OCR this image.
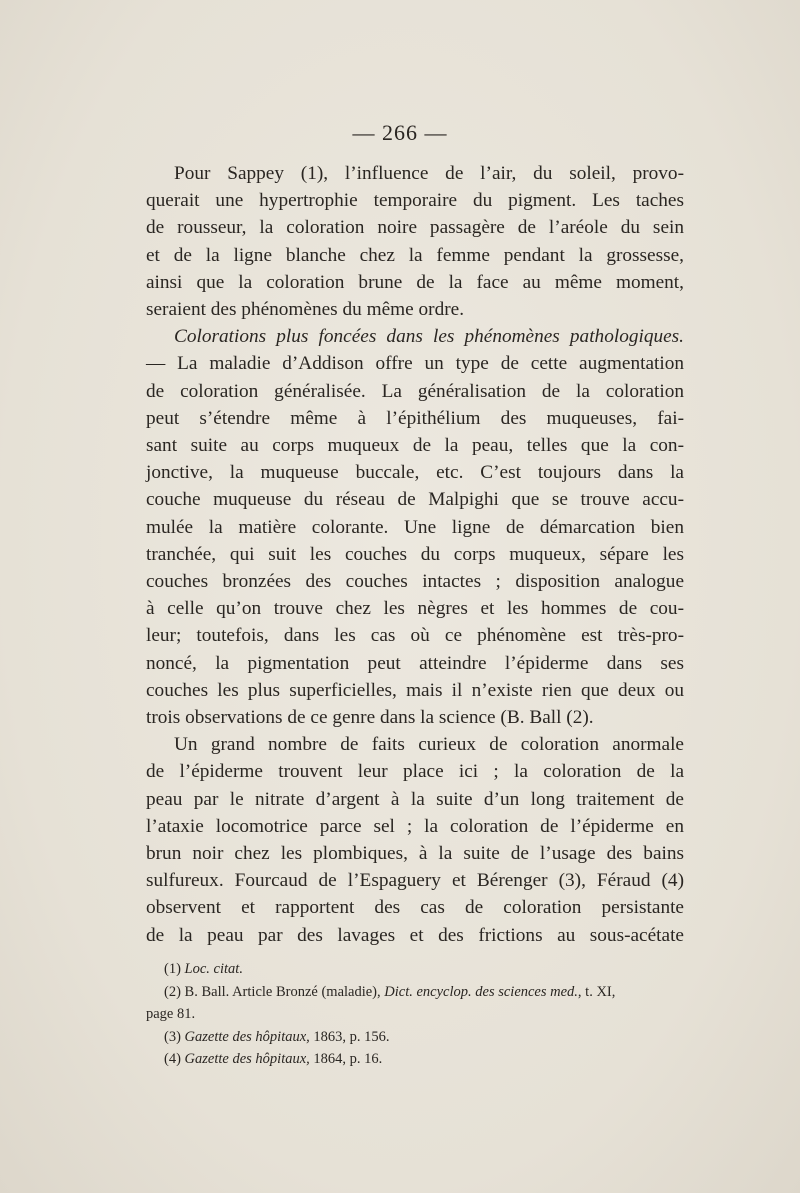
— 266 —
Pour Sappey (1), l’influence de l’air, du soleil, provo-
querait une hypertrophie temporaire du pigment. Les taches
de rousseur, la coloration noire passagère de l’aréole du sein
et de la ligne blanche chez la femme pendant la grossesse,
ainsi que la coloration brune de la face au même moment,
seraient des phénomènes du même ordre.
Colorations plus foncées dans les phénomènes pathologiques.
— La maladie d’Addison offre un type de cette augmentation
de coloration généralisée. La généralisation de la coloration
peut s’étendre même à l’épithélium des muqueuses, fai-
sant suite au corps muqueux de la peau, telles que la con-
jonctive, la muqueuse buccale, etc. C’est toujours dans la
couche muqueuse du réseau de Malpighi que se trouve accu-
mulée la matière colorante. Une ligne de démarcation bien
tranchée, qui suit les couches du corps muqueux, sépare les
couches bronzées des couches intactes ; disposition analogue
à celle qu’on trouve chez les nègres et les hommes de cou-
leur; toutefois, dans les cas où ce phénomène est très-pro-
noncé, la pigmentation peut atteindre l’épiderme dans ses
couches les plus superficielles, mais il n’existe rien que deux ou
trois observations de ce genre dans la science (B. Ball (2).
Un grand nombre de faits curieux de coloration anormale
de l’épiderme trouvent leur place ici ; la coloration de la
peau par le nitrate d’argent à la suite d’un long traitement de
l’ataxie locomotrice parce sel ; la coloration de l’épiderme en
brun noir chez les plombiques, à la suite de l’usage des bains
sulfureux. Fourcaud de l’Espaguery et Bérenger (3), Féraud (4)
observent et rapportent des cas de coloration persistante
de la peau par des lavages et des frictions au sous-acétate
(1) Loc. citat.
(2) B. Ball. Article Bronzé (maladie), Dict. encyclop. des sciences med., t. XI,
page 81.
(3) Gazette des hôpitaux, 1863, p. 156.
(4) Gazette des hôpitaux, 1864, p. 16.
